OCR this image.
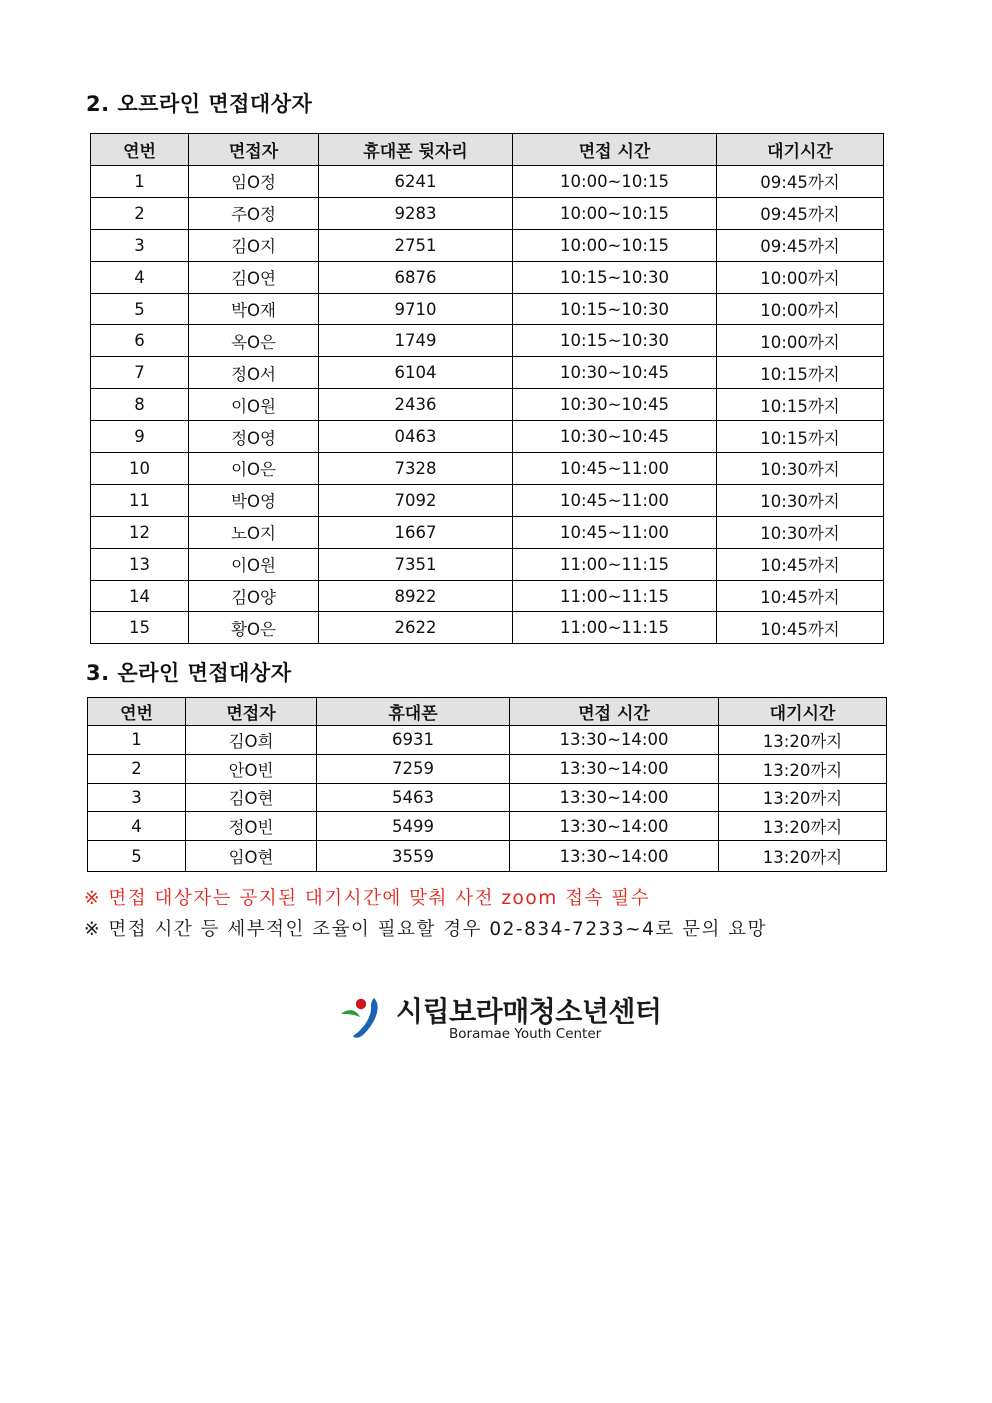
2. 오프라인 면접대상자
연번	면접자	휴대폰 뒷자리	면접 시간	대기시간
1	임O정	6241	10:00~10:15	09:45까지
2	주O정	9283	10:00~10:15	09:45까지
3	김O지	2751	10:00~10:15	09:45까지
4	김O연	6876	10:15~10:30	10:00까지
5	박O재	9710	10:15~10:30	10:00까지
6	옥O은	1749	10:15~10:30	10:00까지
7	정O서	6104	10:30~10:45	10:15까지
8	이O원	2436	10:30~10:45	10:15까지
9	정O영	0463	10:30~10:45	10:15까지
10	이O은	7328	10:45~11:00	10:30까지
11	박O영	7092	10:45~11:00	10:30까지
12	노O지	1667	10:45~11:00	10:30까지
13	이O원	7351	11:00~11:15	10:45까지
14	김O양	8922	11:00~11:15	10:45까지
15	황O은	2622	11:00~11:15	10:45까지
3. 온라인 면접대상자
연번	면접자	휴대폰	면접 시간	대기시간
1	김O희	6931	13:30~14:00	13:20까지
2	안O빈	7259	13:30~14:00	13:20까지
3	김O현	5463	13:30~14:00	13:20까지
4	정O빈	5499	13:30~14:00	13:20까지
5	임O현	3559	13:30~14:00	13:20까지

※ 면접 대상자는 공지된 대기시간에 맞춰 사전 zoom 접속 필수

※ 면접 시간 등 세부적인 조율이 필요할 경우 02-834-7233~4로 문의 요망

시립보라매청소년센터
Boramae Youth Center
